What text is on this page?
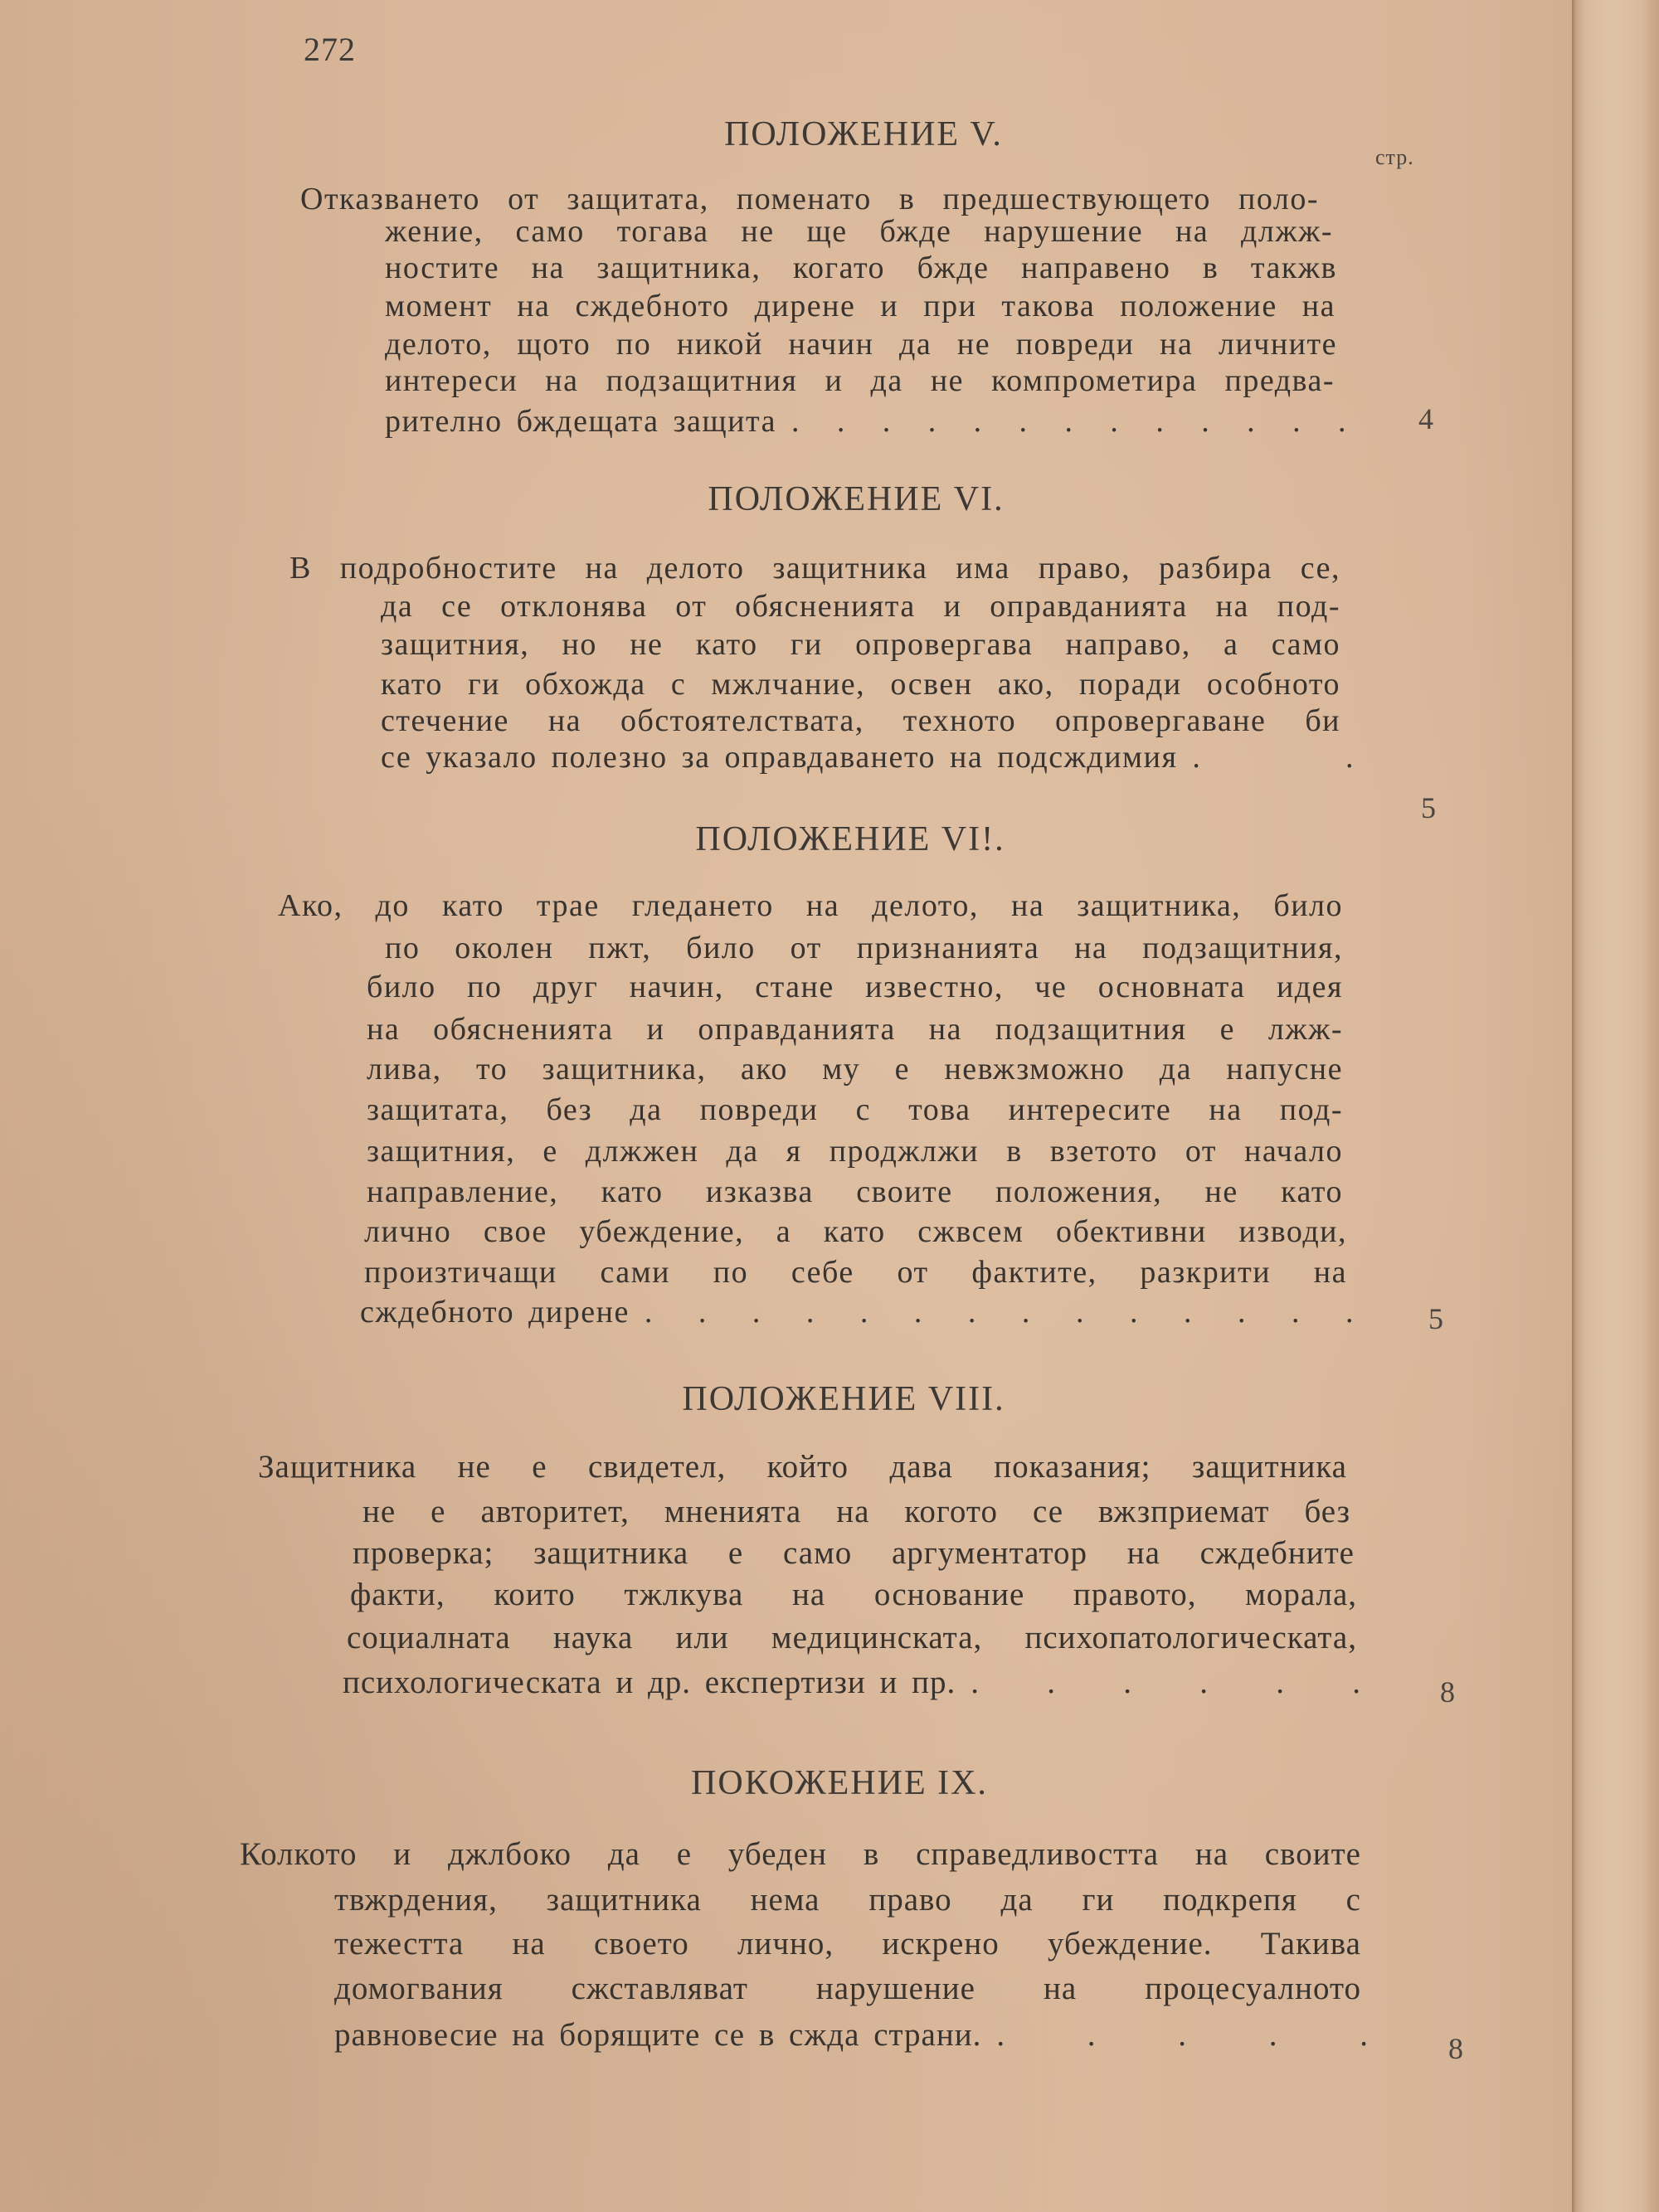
272
стр.
ПОЛОЖЕНИЕ V.
Отказването от защитата, поменато в предшествующето поло-
жение, само тогава не ще бжде нарушение на длжж-
ностите на защитника, когато бжде направено в такжв
момент на сждебното дирене и при такова положение на
делото, щото по никой начин да не повреди на личните
интереси на подзащитния и да не компрометира предва-
рително бждещата защита . . . . . . . . . . . . . 4
ПОЛОЖЕНИЕ VI.
В подробностите на делото защитника има право, разбира се,
да се отклонява от обясненията и оправданията на под-
защитния, но не като ги опровергава направо, а само
като ги обхожда с мжлчание, освен ако, поради особното
стечение на обстоятелствата, техното опровергаване би
се указало полезно за оправдаването на подсждимия . .
5
ПОЛОЖЕНИЕ VI!.
Ако, до като трае гледането на делото, на защитника, било
по околен пжт, било от признанията на подзащитния,
било по друг начин, стане известно, че основната идея
на обясненията и оправданията на подзащитния е лжж-
лива, то защитника, ако му е невжзможно да напусне
защитата, без да повреди с това интересите на под-
защитния, е длжжен да я проджлжи в взетото от начало
направление, като изказва своите положения, не като
лично свое убеждение, а като сжвсем обективни изводи,
произтичащи сами по себе от фактите, разкрити на
сждебното дирене . . . . . . . . . . . . . . 5
ПОЛОЖЕНИЕ VIII.
Защитника не е свидетел, който дава показания; защитника
не е авторитет, мненията на когото се вжзприемат без
проверка; защитника е само аргументатор на сждебните
факти, които тжлкува на основание правото, морала,
социалната наука или медицинската, психопатологическата,
психологическата и др. експертизи и пр. . . . . . .	8
ПОКОЖЕНИЕ IX.
Колкото и джлбоко да е убеден в справедливостта на своите
твжрдения, защитника нема право да ги подкрепя с
тежестта на своето лично, искрено убеждение. Такива
домогвания сжставляват нарушение на процесуалното
равновесие на борящите се в сжда страни. . . . . .	8
